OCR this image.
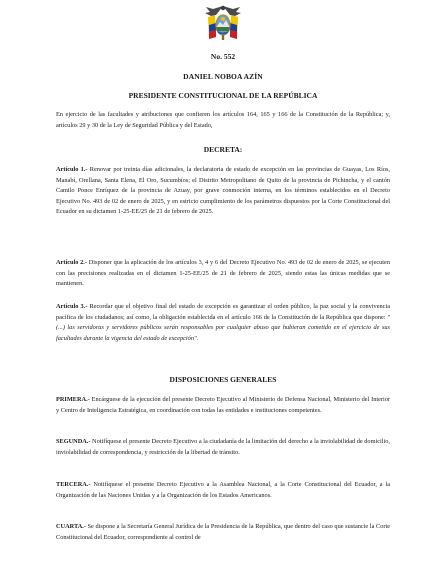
No. 552
DANIEL NOBOA AZÍN
PRESIDENTE CONSTITUCIONAL DE LA REPÚBLICA

En ejercicio de las facultades y atribuciones que confieren los artículos 164, 165 y 166 de la Constitución de la República; y, artículos 29 y 30 de la Ley de Seguridad Pública y del Estado,

DECRETA:

Artículo 1.- Renovar por treinta días adicionales, la declaratoria de estado de excepción en las provincias de Guayas, Los Ríos, Manabí, Orellana, Santa Elena, El Oro, Sucumbíos; el Distrito Metropolitano de Quito de la provincia de Pichincha, y el cantón Camilo Ponce Enríquez de la provincia de Azuay, por grave conmoción interna, en los términos establecidos en el Decreto Ejecutivo No. 493 de 02 de enero de 2025, y en estricto cumplimiento de los parámetros dispuestos por la Corte Constitucional del Ecuador en su dictamen 1-25-EE/25 de 21 de febrero de 2025.

Artículo 2.- Disponer que la aplicación de los artículos 3, 4 y 6 del Decreto Ejecutivo No. 493 de 02 de enero de 2025, se ejecuten con las precisiones realizadas en el dictamen 1-25-EE/25 de 21 de febrero de 2025, siendo estas las únicas medidas que se mantienen.

Artículo 3.- Recordar que el objetivo final del estado de excepción es garantizar el orden público, la paz social y la convivencia pacífica de los ciudadanos; así como, la obligación establecida en el artículo 166 de la Constitución de la República que dispone: "(...) las servidoras y servidores públicos serán responsables por cualquier abuso que hubieran cometido en el ejercicio de sus facultades durante la vigencia del estado de excepción".

DISPOSICIONES GENERALES

PRIMERA.- Encárguese de la ejecución del presente Decreto Ejecutivo al Ministerio de Defensa Nacional, Ministerio del Interior y Centro de Inteligencia Estratégica, en coordinación con todas las entidades e instituciones competentes.

SEGUNDA.- Notifíquese el presente Decreto Ejecutivo a la ciudadanía de la limitación del derecho a la inviolabilidad de domicilio, inviolabilidad de correspondencia, y restricción de la libertad de tránsito.

TERCERA.- Notifíquese el presente Decreto Ejecutivo a la Asamblea Nacional, a la Corte Constitucional del Ecuador, a la Organización de las Naciones Unidas y a la Organización de los Estados Americanos.

CUARTA.- Se dispone a la Secretaría General Jurídica de la Presidencia de la República, que dentro del caso que sustancie la Corte Constitucional del Ecuador, correspondiente al control de
